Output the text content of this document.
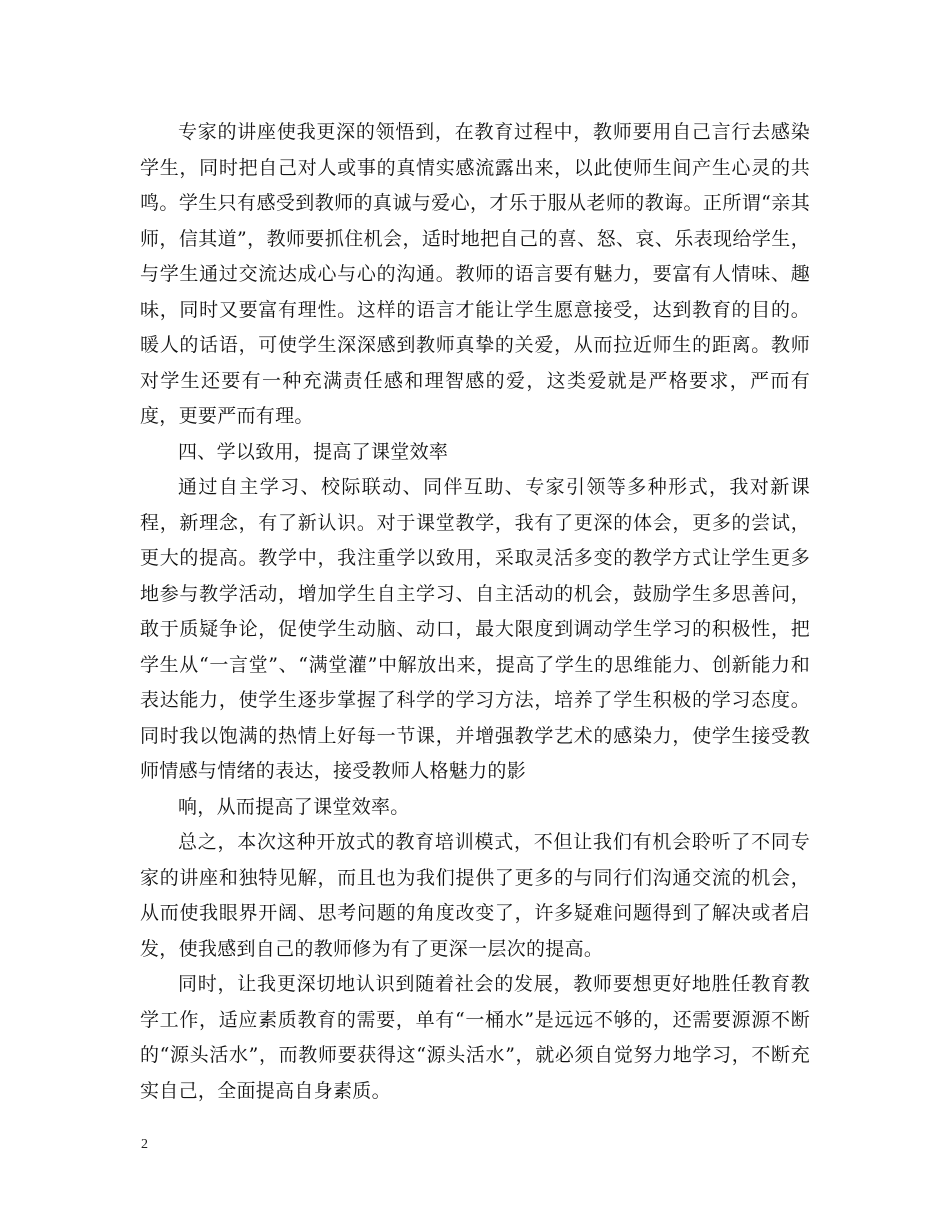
专家的讲座使我更深的领悟到，在教育过程中，教师要用自己言行去感染学生，同时把自己对人或事的真情实感流露出来，以此使师生间产生心灵的共鸣。学生只有感受到教师的真诚与爱心，才乐于服从老师的教诲。正所谓“亲其师，信其道”，教师要抓住机会，适时地把自己的喜、怒、哀、乐表现给学生，与学生通过交流达成心与心的沟通。教师的语言要有魅力，要富有人情味、趣味，同时又要富有理性。这样的语言才能让学生愿意接受，达到教育的目的。暖人的话语，可使学生深深感到教师真挚的关爱，从而拉近师生的距离。教师对学生还要有一种充满责任感和理智感的爱，这类爱就是严格要求，严而有度，更要严而有理。

四、学以致用，提高了课堂效率

通过自主学习、校际联动、同伴互助、专家引领等多种形式，我对新课程，新理念，有了新认识。对于课堂教学，我有了更深的体会，更多的尝试，更大的提高。教学中，我注重学以致用，采取灵活多变的教学方式让学生更多地参与教学活动，增加学生自主学习、自主活动的机会，鼓励学生多思善问，敢于质疑争论，促使学生动脑、动口，最大限度到调动学生学习的积极性，把学生从“一言堂”、“满堂灌”中解放出来，提高了学生的思维能力、创新能力和表达能力，使学生逐步掌握了科学的学习方法，培养了学生积极的学习态度。同时我以饱满的热情上好每一节课，并增强教学艺术的感染力，使学生接受教师情感与情绪的表达，接受教师人格魅力的影

响，从而提高了课堂效率。

总之，本次这种开放式的教育培训模式，不但让我们有机会聆听了不同专家的讲座和独特见解，而且也为我们提供了更多的与同行们沟通交流的机会，从而使我眼界开阔、思考问题的角度改变了，许多疑难问题得到了解决或者启发，使我感到自己的教师修为有了更深一层次的提高。

同时，让我更深切地认识到随着社会的发展，教师要想更好地胜任教育教学工作，适应素质教育的需要，单有“一桶水”是远远不够的，还需要源源不断的“源头活水”，而教师要获得这“源头活水”，就必须自觉努力地学习，不断充实自己，全面提高自身素质。

2
